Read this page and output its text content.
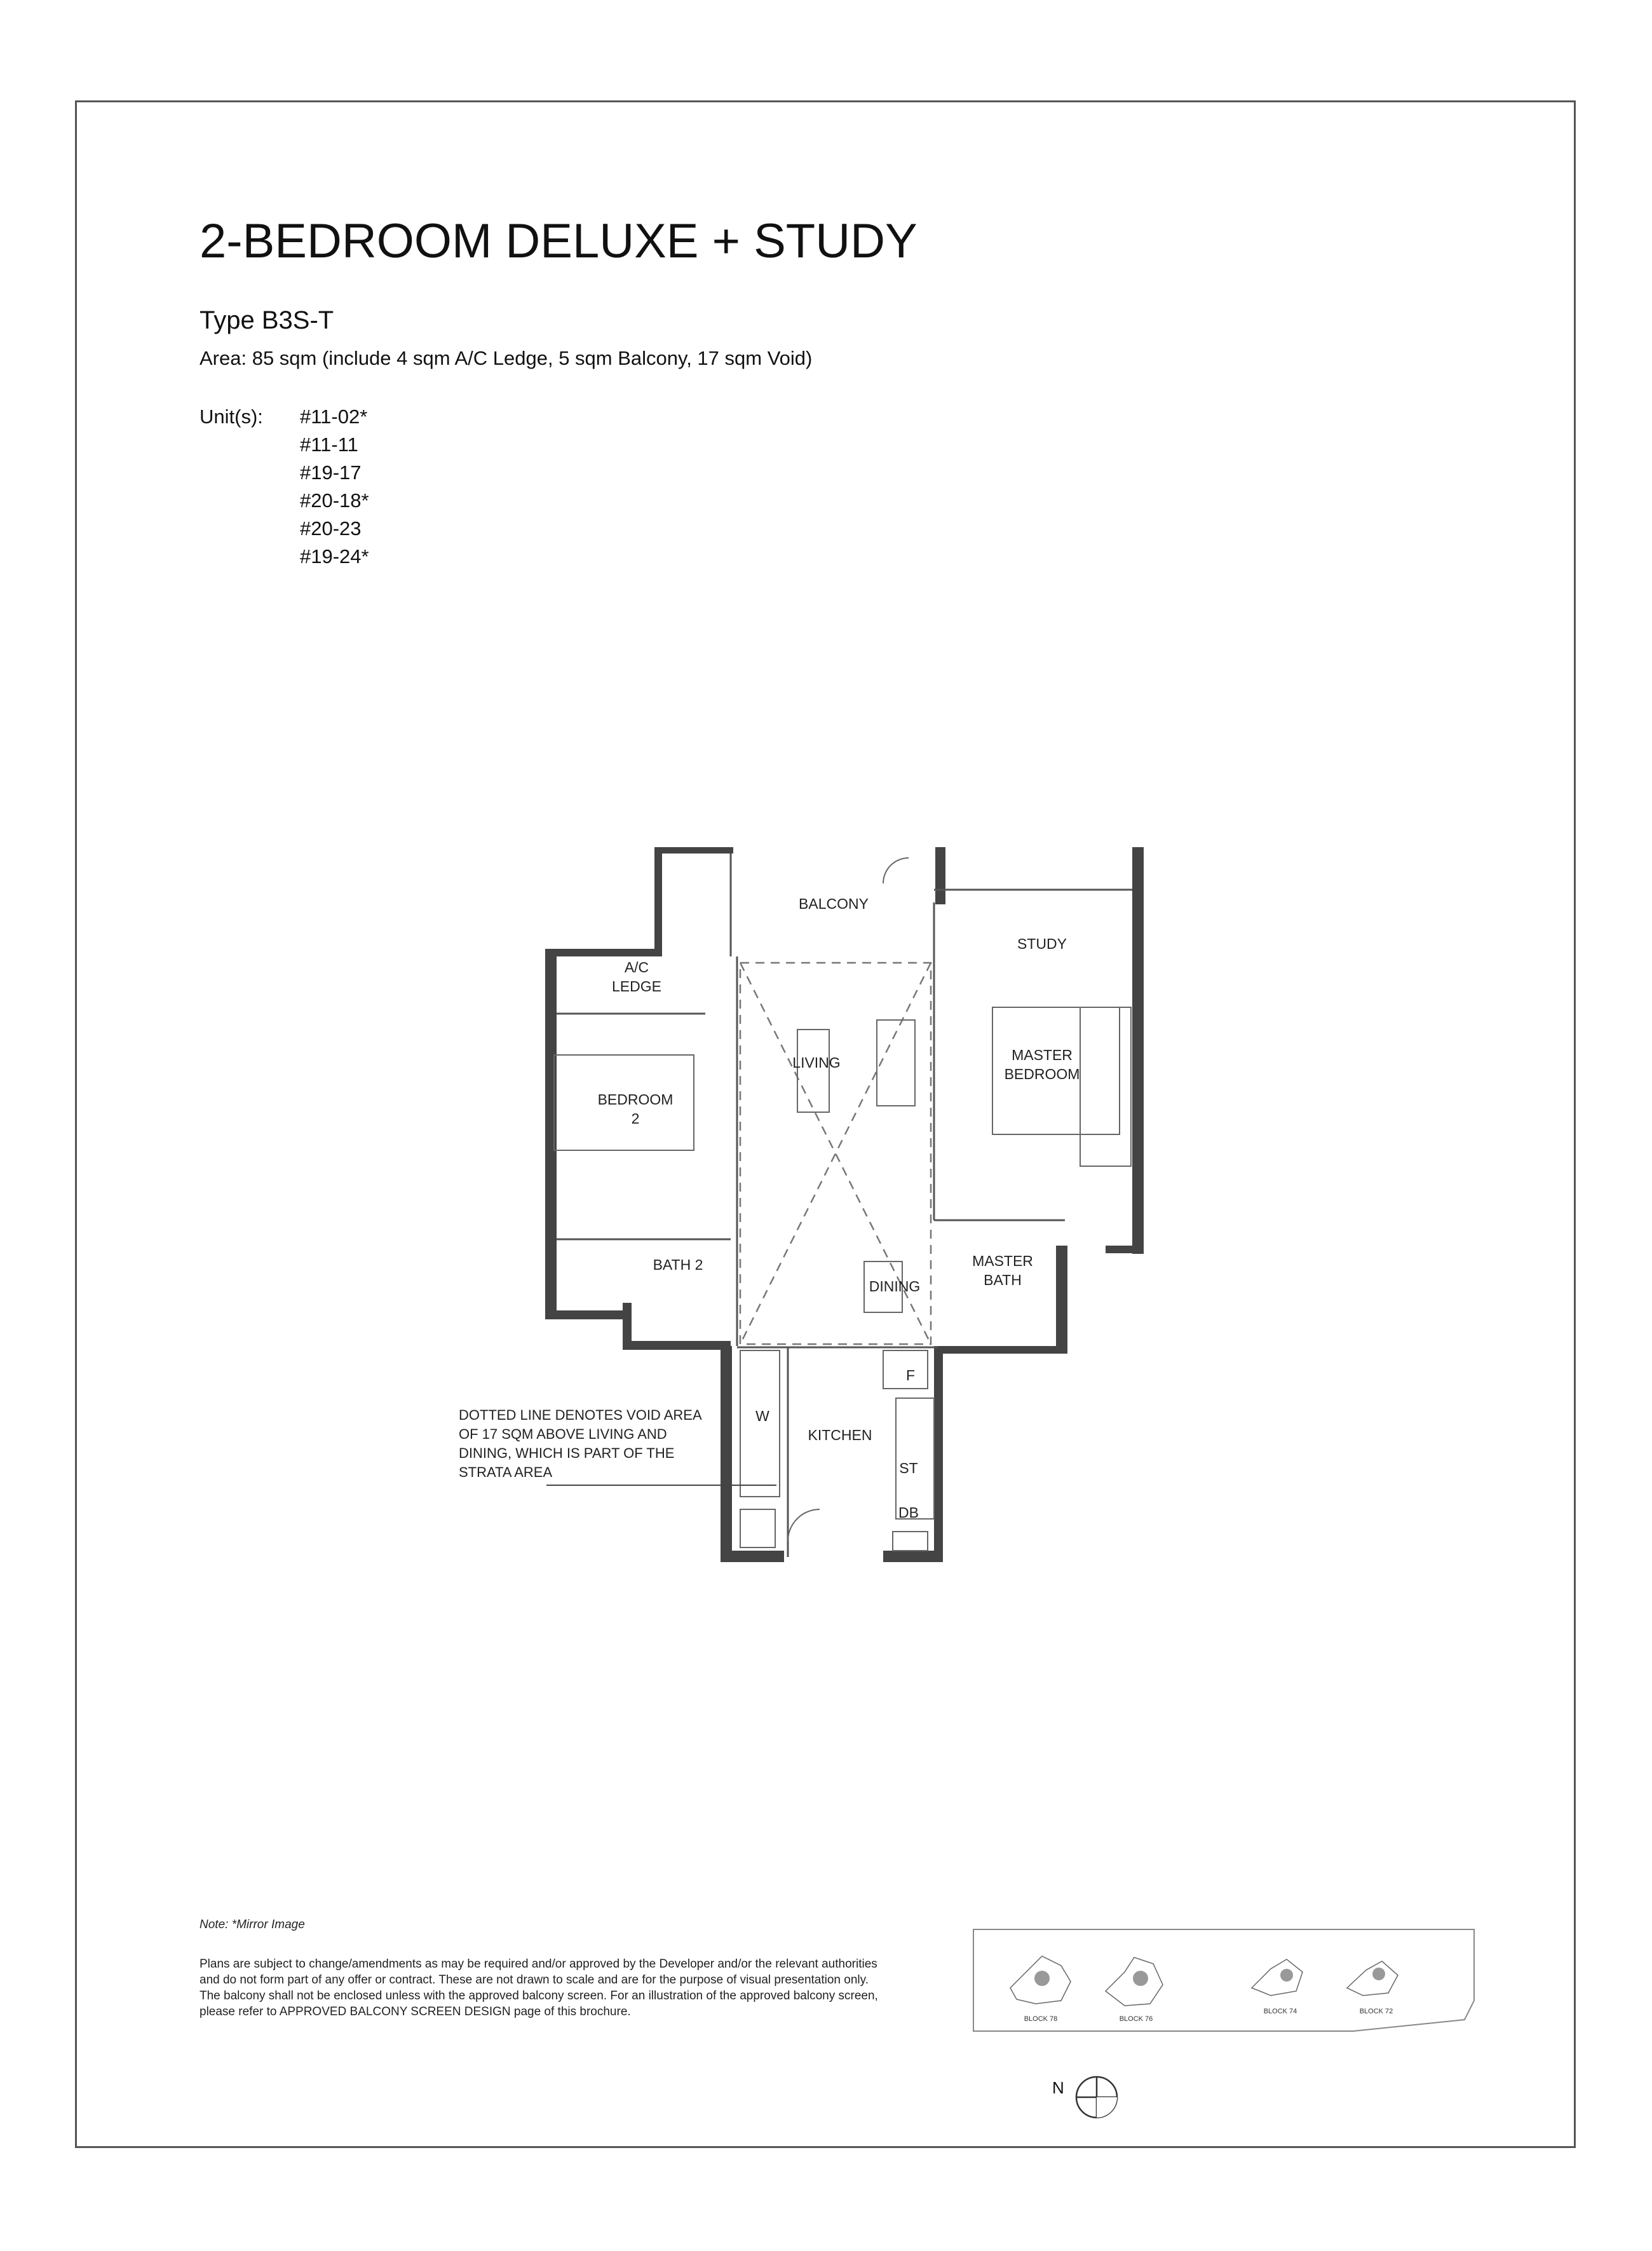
2-BEDROOM DELUXE + STUDY
Type B3S-T
Area: 85 sqm (include 4 sqm A/C Ledge, 5 sqm Balcony, 17 sqm Void)
Unit(s): #11-02*
#11-11
#19-17
#20-18*
#20-23
#19-24*
BALCONY
STUDY
A/C
LEDGE
LIVING	MASTER
BEDROOM
BEDROOM
2
BATH 2
DINING
MASTER
BATH
KITCHEN
F
W
ST
DB
DOTTED LINE DENOTES VOID AREA
OF 17 SQM ABOVE LIVING AND
DINING, WHICH IS PART OF THE
STRATA AREA
Note: *Mirror Image
Plans are subject to change/amendments as may be required and/or approved by the Developer and/or the relevant authorities
and do not form part of any offer or contract. These are not drawn to scale and are for the purpose of visual presentation only.
The balcony shall not be enclosed unless with the approved balcony screen. For an illustration of the approved balcony screen,
please refer to APPROVED BALCONY SCREEN DESIGN page of this brochure.
BLOCK 78	BLOCK 76
BLOCK 74	BLOCK 72
N
